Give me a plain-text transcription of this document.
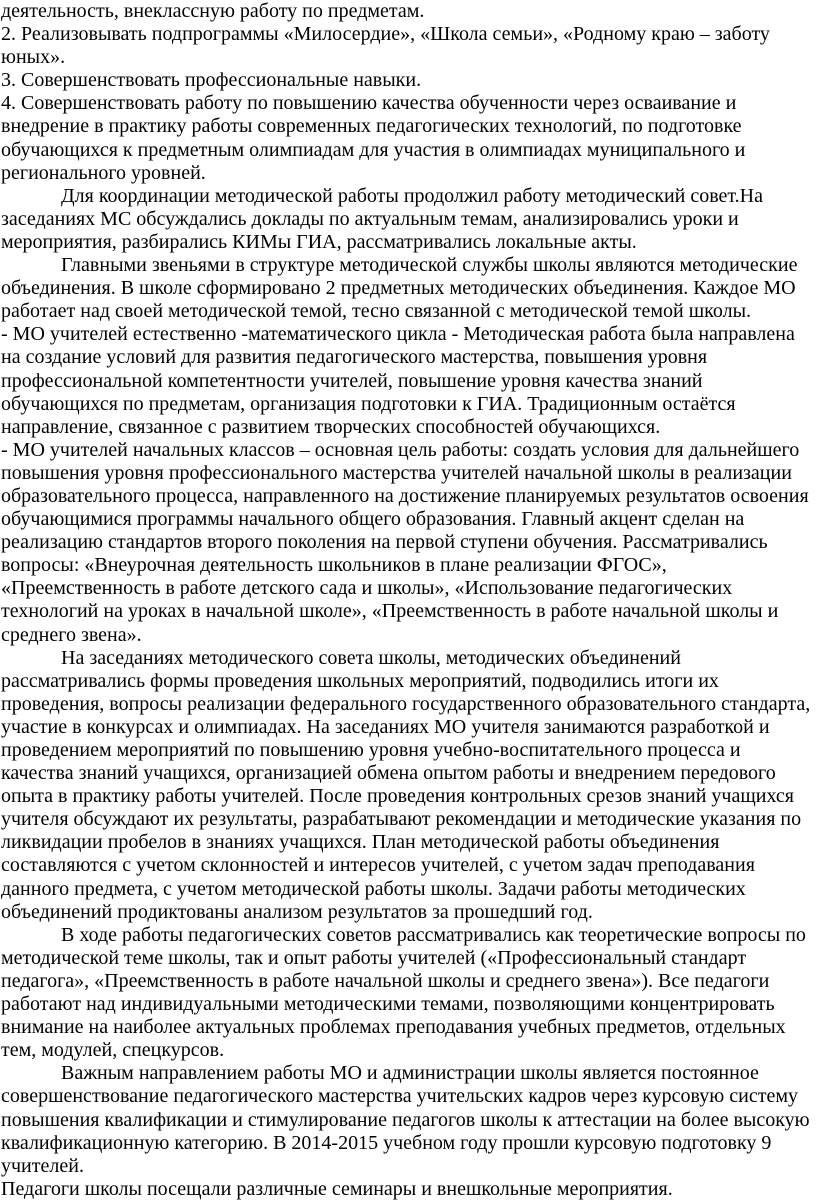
деятельность, внеклассную работу по предметам.

2. Реализовывать подпрограммы «Милосердие», «Школа семьи», «Родному краю – заботу юных».

3. Совершенствовать профессиональные навыки.

4. Совершенствовать работу по повышению качества обученности через осваивание и внедрение в практику работы современных педагогических технологий, по подготовке обучающихся к предметным олимпиадам для участия в олимпиадах муниципального и регионального уровней.

Для координации методической работы продолжил работу методический совет.На заседаниях МС обсуждались доклады по актуальным темам, анализировались уроки и мероприятия, разбирались КИМы ГИА, рассматривались локальные акты.

Главными звеньями в структуре методической службы школы являются методические объединения. В школе сформировано 2 предметных методических объединения. Каждое МО работает над своей методической темой, тесно связанной с методической темой школы.

- МО учителей естественно -математического цикла - Методическая работа была направлена на создание условий для развития педагогического мастерства, повышения уровня профессиональной компетентности учителей, повышение уровня качества знаний обучающихся по предметам, организация подготовки к ГИА. Традиционным остаётся направление, связанное с развитием творческих способностей обучающихся.

- МО учителей начальных классов – основная цель работы: создать условия для дальнейшего повышения уровня профессионального мастерства учителей начальной школы в реализации образовательного процесса, направленного на достижение планируемых результатов освоения обучающимися программы начального общего образования. Главный акцент сделан на реализацию стандартов второго поколения на первой ступени обучения. Рассматривались вопросы: «Внеурочная деятельность школьников в плане реализации ФГОС», «Преемственность в работе детского сада и школы», «Использование педагогических технологий на уроках в начальной школе», «Преемственность в работе начальной школы и среднего звена».

На заседаниях методического совета школы, методических объединений рассматривались формы проведения школьных мероприятий, подводились итоги их проведения, вопросы реализации федерального государственного образовательного стандарта, участие в конкурсах и олимпиадах. На заседаниях МО учителя занимаются разработкой и проведением мероприятий по повышению уровня учебно-воспитательного процесса и качества знаний учащихся, организацией обмена опытом работы и внедрением передового опыта в практику работы учителей. После проведения контрольных срезов знаний учащихся учителя обсуждают их результаты, разрабатывают рекомендации и методические указания по ликвидации пробелов в знаниях учащихся. План методической работы объединения составляются с учетом склонностей и интересов учителей, с учетом задач преподавания данного предмета, с учетом методической работы школы. Задачи работы методических объединений продиктованы анализом результатов за прошедший год.

В ходе работы педагогических советов рассматривались как теоретические вопросы по методической теме школы, так и опыт работы учителей («Профессиональный стандарт педагога», «Преемственность в работе начальной школы и среднего звена»). Все педагоги работают над индивидуальными методическими темами, позволяющими концентрировать внимание на наиболее актуальных проблемах преподавания учебных предметов, отдельных тем, модулей, спецкурсов.

Важным направлением работы МО и администрации школы является постоянное совершенствование педагогического мастерства учительских кадров через курсовую систему повышения квалификации и стимулирование педагогов школы к аттестации на более высокую квалификационную категорию. В 2014-2015 учебном году прошли курсовую подготовку 9 учителей.

Педагоги школы посещали различные семинары и внешкольные мероприятия.
